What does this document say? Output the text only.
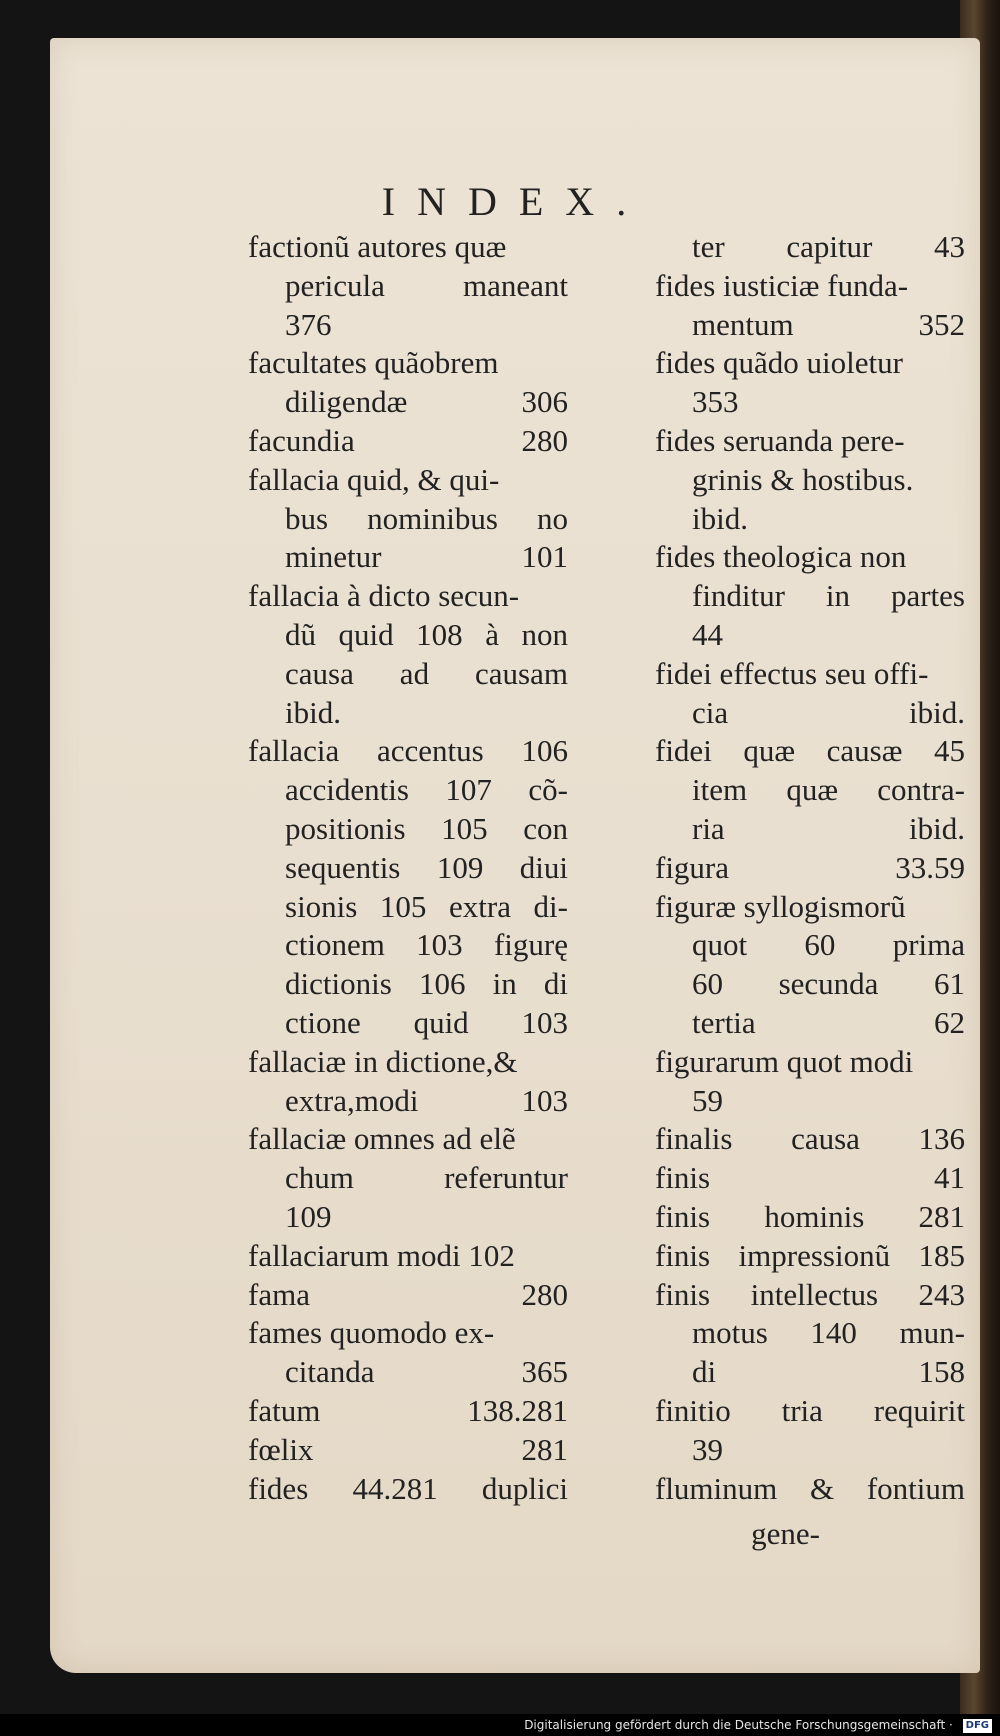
INDEX.
factionũ autores quæ
pericula maneant
376
facultates quãobrem
diligendæ 306
facundia 280
fallacia quid, & qui-
bus nominibus no
minetur 101
fallacia à dicto secun-
dũ quid 108 à non
causa ad causam
ibid.
fallacia accentus 106
accidentis 107 cõ-
positionis 105 con
sequentis 109 diui
sionis 105 extra di-
ctionem 103 figurę
dictionis 106 in di
ctione quid 103
fallaciæ in dictione,&
extra,modi 103
fallaciæ omnes ad elẽ
chum referuntur
109
fallaciarum modi 102
fama 280
fames quomodo ex-
citanda 365
fatum 138.281
fœlix 281
fides 44.281 duplici
ter capitur 43
fides iusticiæ funda-
mentum 352
fides quãdo uioletur
353
fides seruanda pere-
grinis & hostibus.
ibid.
fides theologica non
finditur in partes
44
fidei effectus seu offi-
cia ibid.
fidei quæ causæ 45
item quæ contra-
ria ibid.
figura 33.59
figuræ syllogismorũ
quot 60 prima
60 secunda 61
tertia 62
figurarum quot modi
59
finalis causa 136
finis 41
finis hominis 281
finis impressionũ 185
finis intellectus 243
motus 140 mun-
di 158
finitio tria requirit
39
fluminum & fontium
gene-
Digitalisierung gefördert durch die Deutsche Forschungsgemeinschaft · DFG
